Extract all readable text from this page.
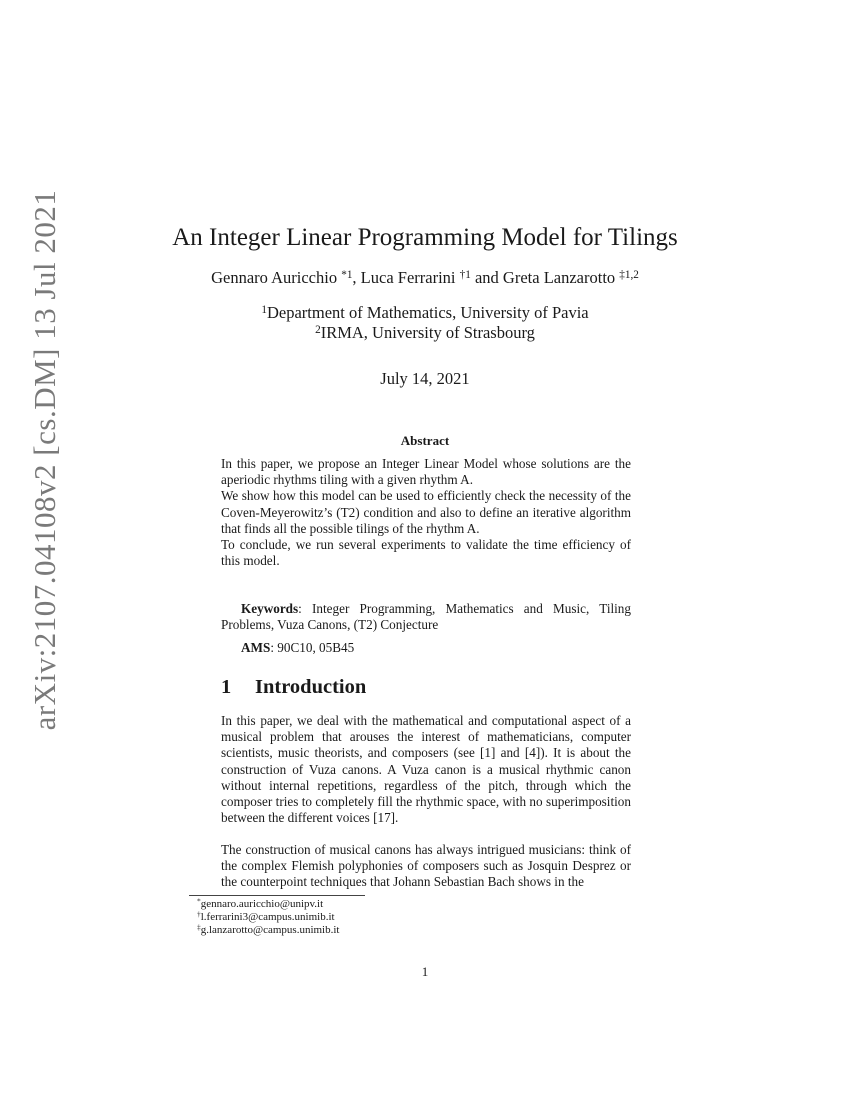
arXiv:2107.04108v2 [cs.DM] 13 Jul 2021	An Integer Linear Programming Model for Tilings
Gennaro Auricchio $^{*1}$, Luca Ferrarini $^{\dagger 1}$ and Greta Lanzarotto $^{\ddagger 1,2}$
$^1$Department of Mathematics, University of Pavia
$^2$IRMA, University of Strasbourg
July 14, 2021
Abstract

In this paper, we propose an Integer Linear Model whose solutions are the aperiodic rhythms tiling with a given rhythm A.

We show how this model can be used to efficiently check the necessity of the Coven-Meyerowitz’s (T2) condition and also to define an iterative algorithm that finds all the possible tilings of the rhythm A.

To conclude, we run several experiments to validate the time efficiency of this model.

Keywords: Integer Programming, Mathematics and Music, Tiling Problems, Vuza Canons, (T2) Conjecture
AMS: 90C10, 05B45
1 Introduction
In this paper, we deal with the mathematical and computational aspect of a musical problem that arouses the interest of mathematicians, computer scientists, music theorists, and composers (see [1] and [4]). It is about the construction of Vuza canons. A Vuza canon is a musical rhythmic canon without internal repetitions, regardless of the pitch, through which the composer tries to completely fill the rhythmic space, with no superimposition between the different voices [17].
The construction of musical canons has always intrigued musicians: think of the complex Flemish polyphonies of composers such as Josquin Desprez or the counterpoint techniques that Johann Sebastian Bach shows in the
*gennaro.auricchio@unipv.it
†l.ferrarini3@campus.unimib.it
‡g.lanzarotto@campus.unimib.it
1
